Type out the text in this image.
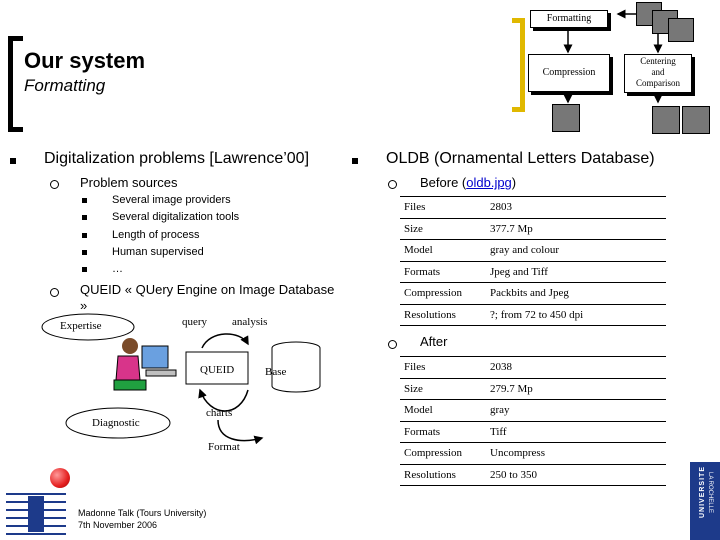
Our system
Formatting
Formatting
Compression
Centering
and
Comparison
Digitalization problems [Lawrence’00]
Problem sources
Several image providers
Several digitalization tools
Length of process
Human supervised
…
QUEID « QUery Engine on Image Database
»
Expertise	query analysis
QUEID	Base
charts
Diagnostic
Format
OLDB (Ornamental Letters Database)
Before (oldb.jpg)
Files	2803
Size	377.7 Mp
Model	gray and colour
Formats	Jpeg and Tiff
Compression	Packbits and Jpeg
Resolutions	?; from 72 to 450 dpi
After
Files	2038
Size	279.7 Mp
Model	gray
Formats	Tiff
Compression	Uncompress
Resolutions	250 to 350
Madonne Talk (Tours University)
7th November 2006
UNIVERSITE LA ROCHELLE
